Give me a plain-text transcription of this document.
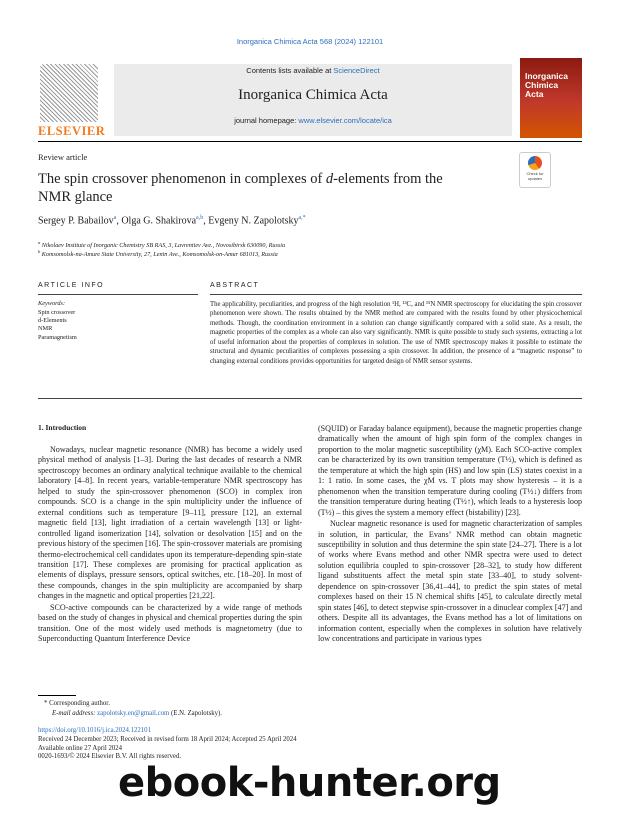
Inorganica Chimica Acta 568 (2024) 122101
ELSEVIER
Contents lists available at ScienceDirect
Inorganica Chimica Acta
journal homepage: www.elsevier.com/locate/ica
Inorganica
Chimica
Acta
Review article
The spin crossover phenomenon in complexes of d-elements from the NMR glance
Check for
updates
Sergey P. Babailov$^a$, Olga G. Shakirova$^{a,b}$, Evgeny N. Zapolotsky$^{a,*}$
$^a$ Nikolaev Institute of Inorganic Chemistry SB RAS, 3, Lavrentiev Ave., Novosibirsk 630090, Russia
$^b$ Komsomolsk-na-Amure State University, 27, Lenin Ave., Komsomolsk-on-Amur 681013, Russia
ARTICLE INFO	ABSTRACT
Keywords:
Spin crossover
d-Elements
NMR
Paramagnetism
The applicability, peculiarities, and progress of the high resolution ¹H, ¹³C, and ¹⁵N NMR spectroscopy for elucidating the spin crossover phenomenon were shown. The results obtained by the NMR method are compared with the results found by other physicochemical methods. Though, the coordination environment in a solution can change significantly compared with a solid state. As a result, the magnetic properties of the complex as a whole can also vary significantly. NMR is quite possible to study such systems, extracting a lot of useful information about the properties of complexes in solution. The use of NMR spectroscopy makes it possible to estimate the structural and dynamic peculiarities of complexes possessing a spin crossover. In addition, the presence of a “magnetic response” to changing external conditions provides opportunities for targeted design of NMR sensor systems.
1. Introduction

Nowadays, nuclear magnetic resonance (NMR) has become a widely used physical method of analysis [1–3]. During the last decades of research a NMR spectroscopy becomes an ordinary analytical technique available to the chemical laboratory [4–8]. In recent years, variable-temperature NMR spectroscopy has helped to study the spin-crossover phenomenon (SCO) in complex iron compounds. SCO is a change in the spin multiplicity under the influence of external conditions such as temperature [9–11], pressure [12], an external magnetic field [13], light irradiation of a certain wavelength [13] or light-controlled ligand isomerization [14], solvation or desolvation [15] and on the previous history of the specimen [16]. The spin-crossover materials are promising thermo-electrochemical cell candidates upon its temperature-depending spin-state transition [17]. These complexes are promising for practical application as elements of displays, pressure sensors, optical switches, etc. [18–20]. In most of these compounds, changes in the spin multiplicity are accompanied by sharp changes in the magnetic and optical properties [21,22].

SCO-active compounds can be characterized by a wide range of methods based on the study of changes in physical and chemical properties during the spin transition. One of the most widely used methods is magnetometry (due to Superconducting Quantum Interference Device

(SQUID) or Faraday balance equipment), because the magnetic properties change dramatically when the amount of high spin form of the complex changes in proportion to the molar magnetic susceptibility (χM). Each SCO-active complex can be characterized by its own transition temperature (T½), which is defined as the temperature at which the high spin (HS) and low spin (LS) states coexist in a 1: 1 ratio. In some cases, the χM vs. T plots may show hysteresis – it is a phenomenon when the transition temperature during cooling (T½↓) differs from the transition temperature during heating (T½↑), which leads to a hysteresis loop (T½) – this gives the system a memory effect (bistability) [23].

Nuclear magnetic resonance is used for magnetic characterization of samples in solution, in particular, the Evans’ NMR method can obtain magnetic susceptibility in solution and thus determine the spin state [24–27]. There is a lot of works where Evans method and other NMR spectra were used to detect solution equilibria coupled to spin-crossover [28–32], to study how different ligand substituents affect the metal spin state [33–40], to study solvent-dependence on spin-crossover [36,41–44], to predict the spin states of metal complexes based on their 15 N chemical shifts [45], to calculate directly metal spin states [46], to detect stepwise spin-crossover in a dinuclear complex [47] and others. Despite all its advantages, the Evans method has a lot of limitations on information content, especially when the complexes in solution have relatively low concentrations and participate in various types

* Corresponding author.
E-mail address: zapolotsky.en@gmail.com (E.N. Zapolotsky).
https://doi.org/10.1016/j.ica.2024.122101
Received 24 December 2023; Received in revised form 18 April 2024; Accepted 25 April 2024
Available online 27 April 2024
0020-1693/© 2024 Elsevier B.V. All rights reserved.
ebook-hunter.org
